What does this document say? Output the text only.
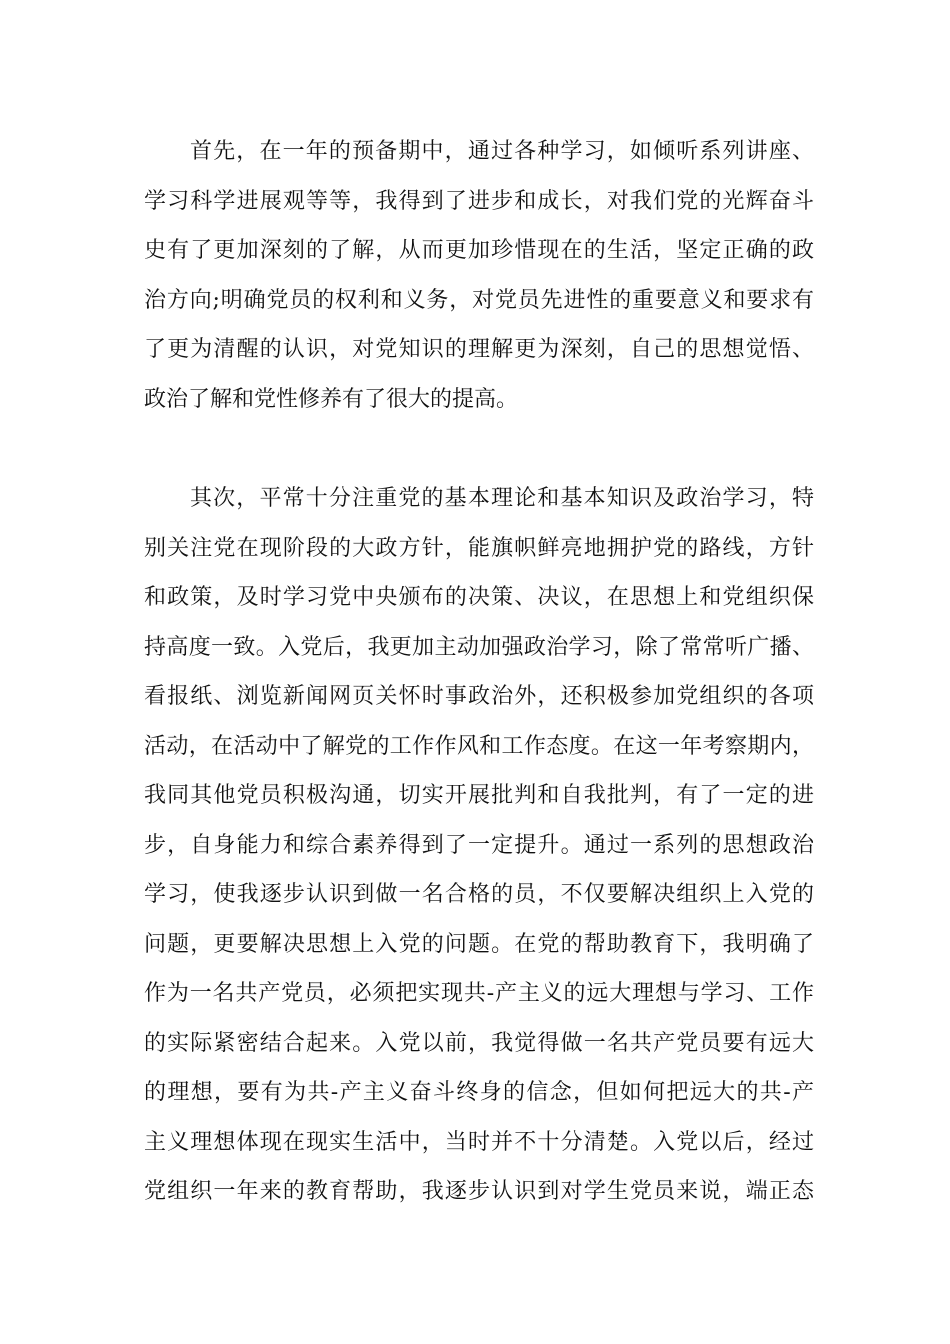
首先，在一年的预备期中，通过各种学习，如倾听系列讲座、
学习科学进展观等等，我得到了进步和成长，对我们党的光辉奋斗
史有了更加深刻的了解，从而更加珍惜现在的生活，坚定正确的政
治方向;明确党员的权利和义务，对党员先进性的重要意义和要求有
了更为清醒的认识，对党知识的理解更为深刻，自己的思想觉悟、
政治了解和党性修养有了很大的提高。
其次，平常十分注重党的基本理论和基本知识及政治学习，特
别关注党在现阶段的大政方针，能旗帜鲜亮地拥护党的路线，方针
和政策，及时学习党中央颁布的决策、决议，在思想上和党组织保
持高度一致。入党后，我更加主动加强政治学习，除了常常听广播、
看报纸、浏览新闻网页关怀时事政治外，还积极参加党组织的各项
活动，在活动中了解党的工作作风和工作态度。在这一年考察期内，
我同其他党员积极沟通，切实开展批判和自我批判，有了一定的进
步，自身能力和综合素养得到了一定提升。通过一系列的思想政治
学习，使我逐步认识到做一名合格的员，不仅要解决组织上入党的
问题，更要解决思想上入党的问题。在党的帮助教育下，我明确了
作为一名共产党员，必须把实现共-产主义的远大理想与学习、工作
的实际紧密结合起来。入党以前，我觉得做一名共产党员要有远大
的理想，要有为共-产主义奋斗终身的信念，但如何把远大的共-产
主义理想体现在现实生活中，当时并不十分清楚。入党以后，经过
党组织一年来的教育帮助，我逐步认识到对学生党员来说，端正态
